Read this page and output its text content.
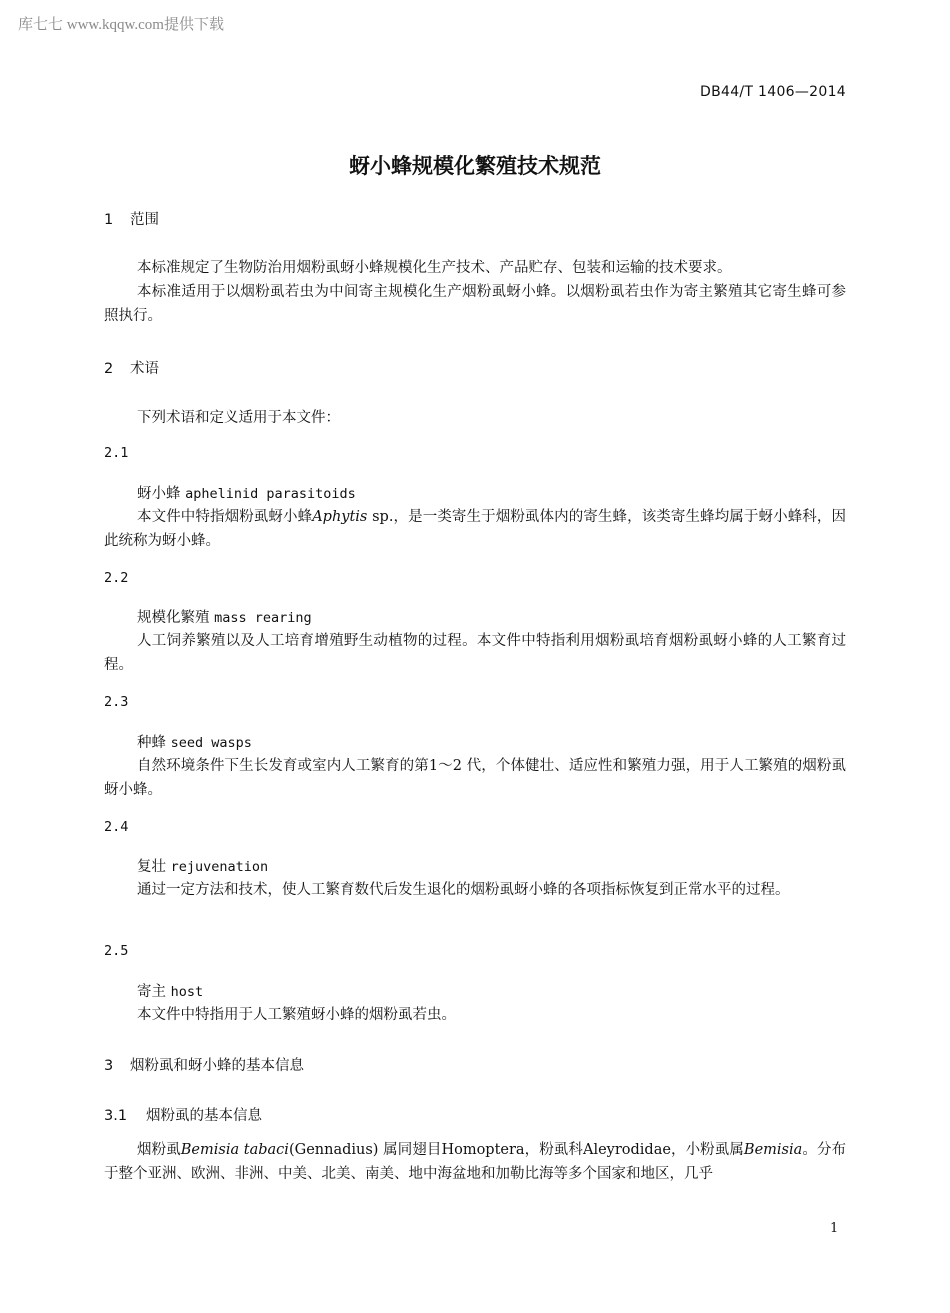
库七七 www.kqqw.com提供下载
DB44/T 1406—2014
蚜小蜂规模化繁殖技术规范
1 范围
本标准规定了生物防治用烟粉虱蚜小蜂规模化生产技术、产品贮存、包装和运输的技术要求。
本标准适用于以烟粉虱若虫为中间寄主规模化生产烟粉虱蚜小蜂。以烟粉虱若虫作为寄主繁殖其它寄生蜂可参照执行。
2 术语
下列术语和定义适用于本文件：
2.1
蚜小蜂 aphelinid parasitoids
本文件中特指烟粉虱蚜小蜂Aphytis sp.，是一类寄生于烟粉虱体内的寄生蜂，该类寄生蜂均属于蚜小蜂科，因此统称为蚜小蜂。
2.2
规模化繁殖 mass rearing
人工饲养繁殖以及人工培育增殖野生动植物的过程。本文件中特指利用烟粉虱培育烟粉虱蚜小蜂的人工繁育过程。
2.3
种蜂 seed wasps
自然环境条件下生长发育或室内人工繁育的第1～2 代，个体健壮、适应性和繁殖力强，用于人工繁殖的烟粉虱蚜小蜂。
2.4
复壮 rejuvenation
通过一定方法和技术，使人工繁育数代后发生退化的烟粉虱蚜小蜂的各项指标恢复到正常水平的过程。
2.5
寄主 host
本文件中特指用于人工繁殖蚜小蜂的烟粉虱若虫。
3 烟粉虱和蚜小蜂的基本信息
3.1 烟粉虱的基本信息
烟粉虱Bemisia tabaci(Gennadius) 属同翅目Homoptera，粉虱科Aleyrodidae，小粉虱属Bemisia。分布于整个亚洲、欧洲、非洲、中美、北美、南美、地中海盆地和加勒比海等多个国家和地区，几乎
1
